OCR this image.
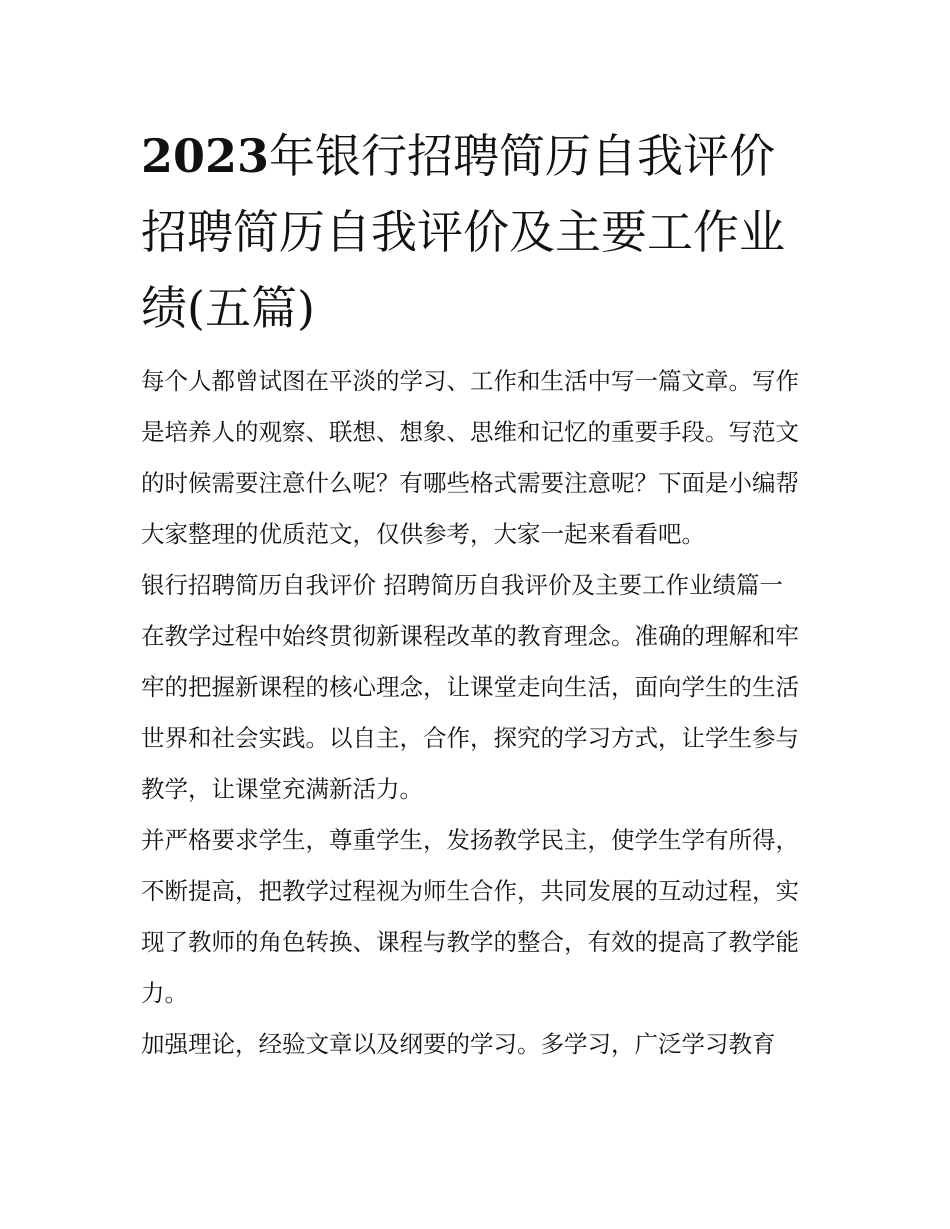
2023年银行招聘简历自我评价招聘简历自我评价及主要工作业绩(五篇)

每个人都曾试图在平淡的学习、工作和生活中写一篇文章。写作是培养人的观察、联想、想象、思维和记忆的重要手段。写范文的时候需要注意什么呢？有哪些格式需要注意呢？下面是小编帮大家整理的优质范文，仅供参考，大家一起来看看吧。

银行招聘简历自我评价 招聘简历自我评价及主要工作业绩篇一

在教学过程中始终贯彻新课程改革的教育理念。准确的理解和牢牢的把握新课程的核心理念，让课堂走向生活，面向学生的生活世界和社会实践。以自主，合作，探究的学习方式，让学生参与教学，让课堂充满新活力。

并严格要求学生，尊重学生，发扬教学民主，使学生学有所得，不断提高，把教学过程视为师生合作，共同发展的互动过程，实现了教师的角色转换、课程与教学的整合，有效的提高了教学能力。

加强理论，经验文章以及纲要的学习。多学习，广泛学习教育
